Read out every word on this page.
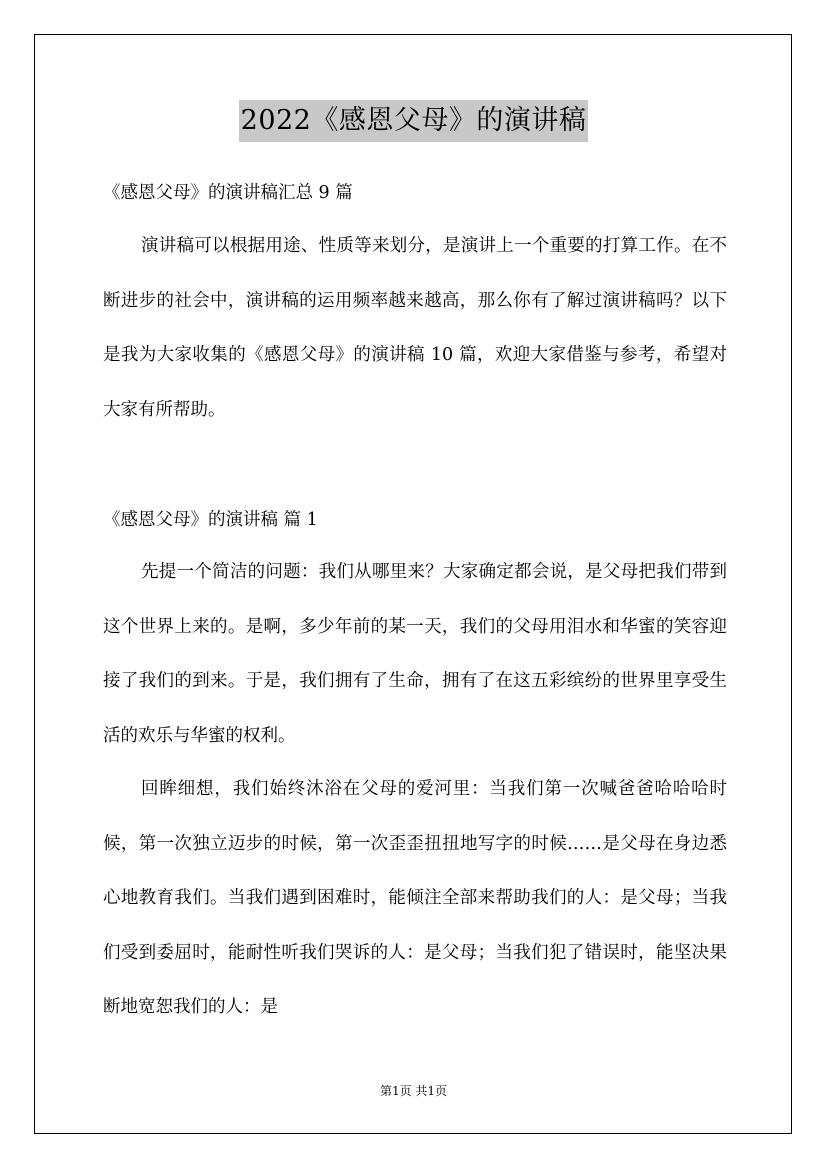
2022《感恩父母》的演讲稿
《感恩父母》的演讲稿汇总 9 篇

演讲稿可以根据用途、性质等来划分，是演讲上一个重要的打算工作。在不断进步的社会中，演讲稿的运用频率越来越高，那么你有了解过演讲稿吗？以下是我为大家收集的《感恩父母》的演讲稿 10 篇，欢迎大家借鉴与参考，希望对大家有所帮助。

《感恩父母》的演讲稿 篇 1

先提一个简洁的问题：我们从哪里来？大家确定都会说，是父母把我们带到这个世界上来的。是啊，多少年前的某一天，我们的父母用泪水和华蜜的笑容迎接了我们的到来。于是，我们拥有了生命，拥有了在这五彩缤纷的世界里享受生活的欢乐与华蜜的权利。

回眸细想，我们始终沐浴在父母的爱河里：当我们第一次喊爸爸哈哈哈时候，第一次独立迈步的时候，第一次歪歪扭扭地写字的时候……是父母在身边悉心地教育我们。当我们遇到困难时，能倾注全部来帮助我们的人：是父母；当我们受到委屈时，能耐性听我们哭诉的人：是父母；当我们犯了错误时，能坚决果断地宽恕我们的人：是

第1页 共1页
